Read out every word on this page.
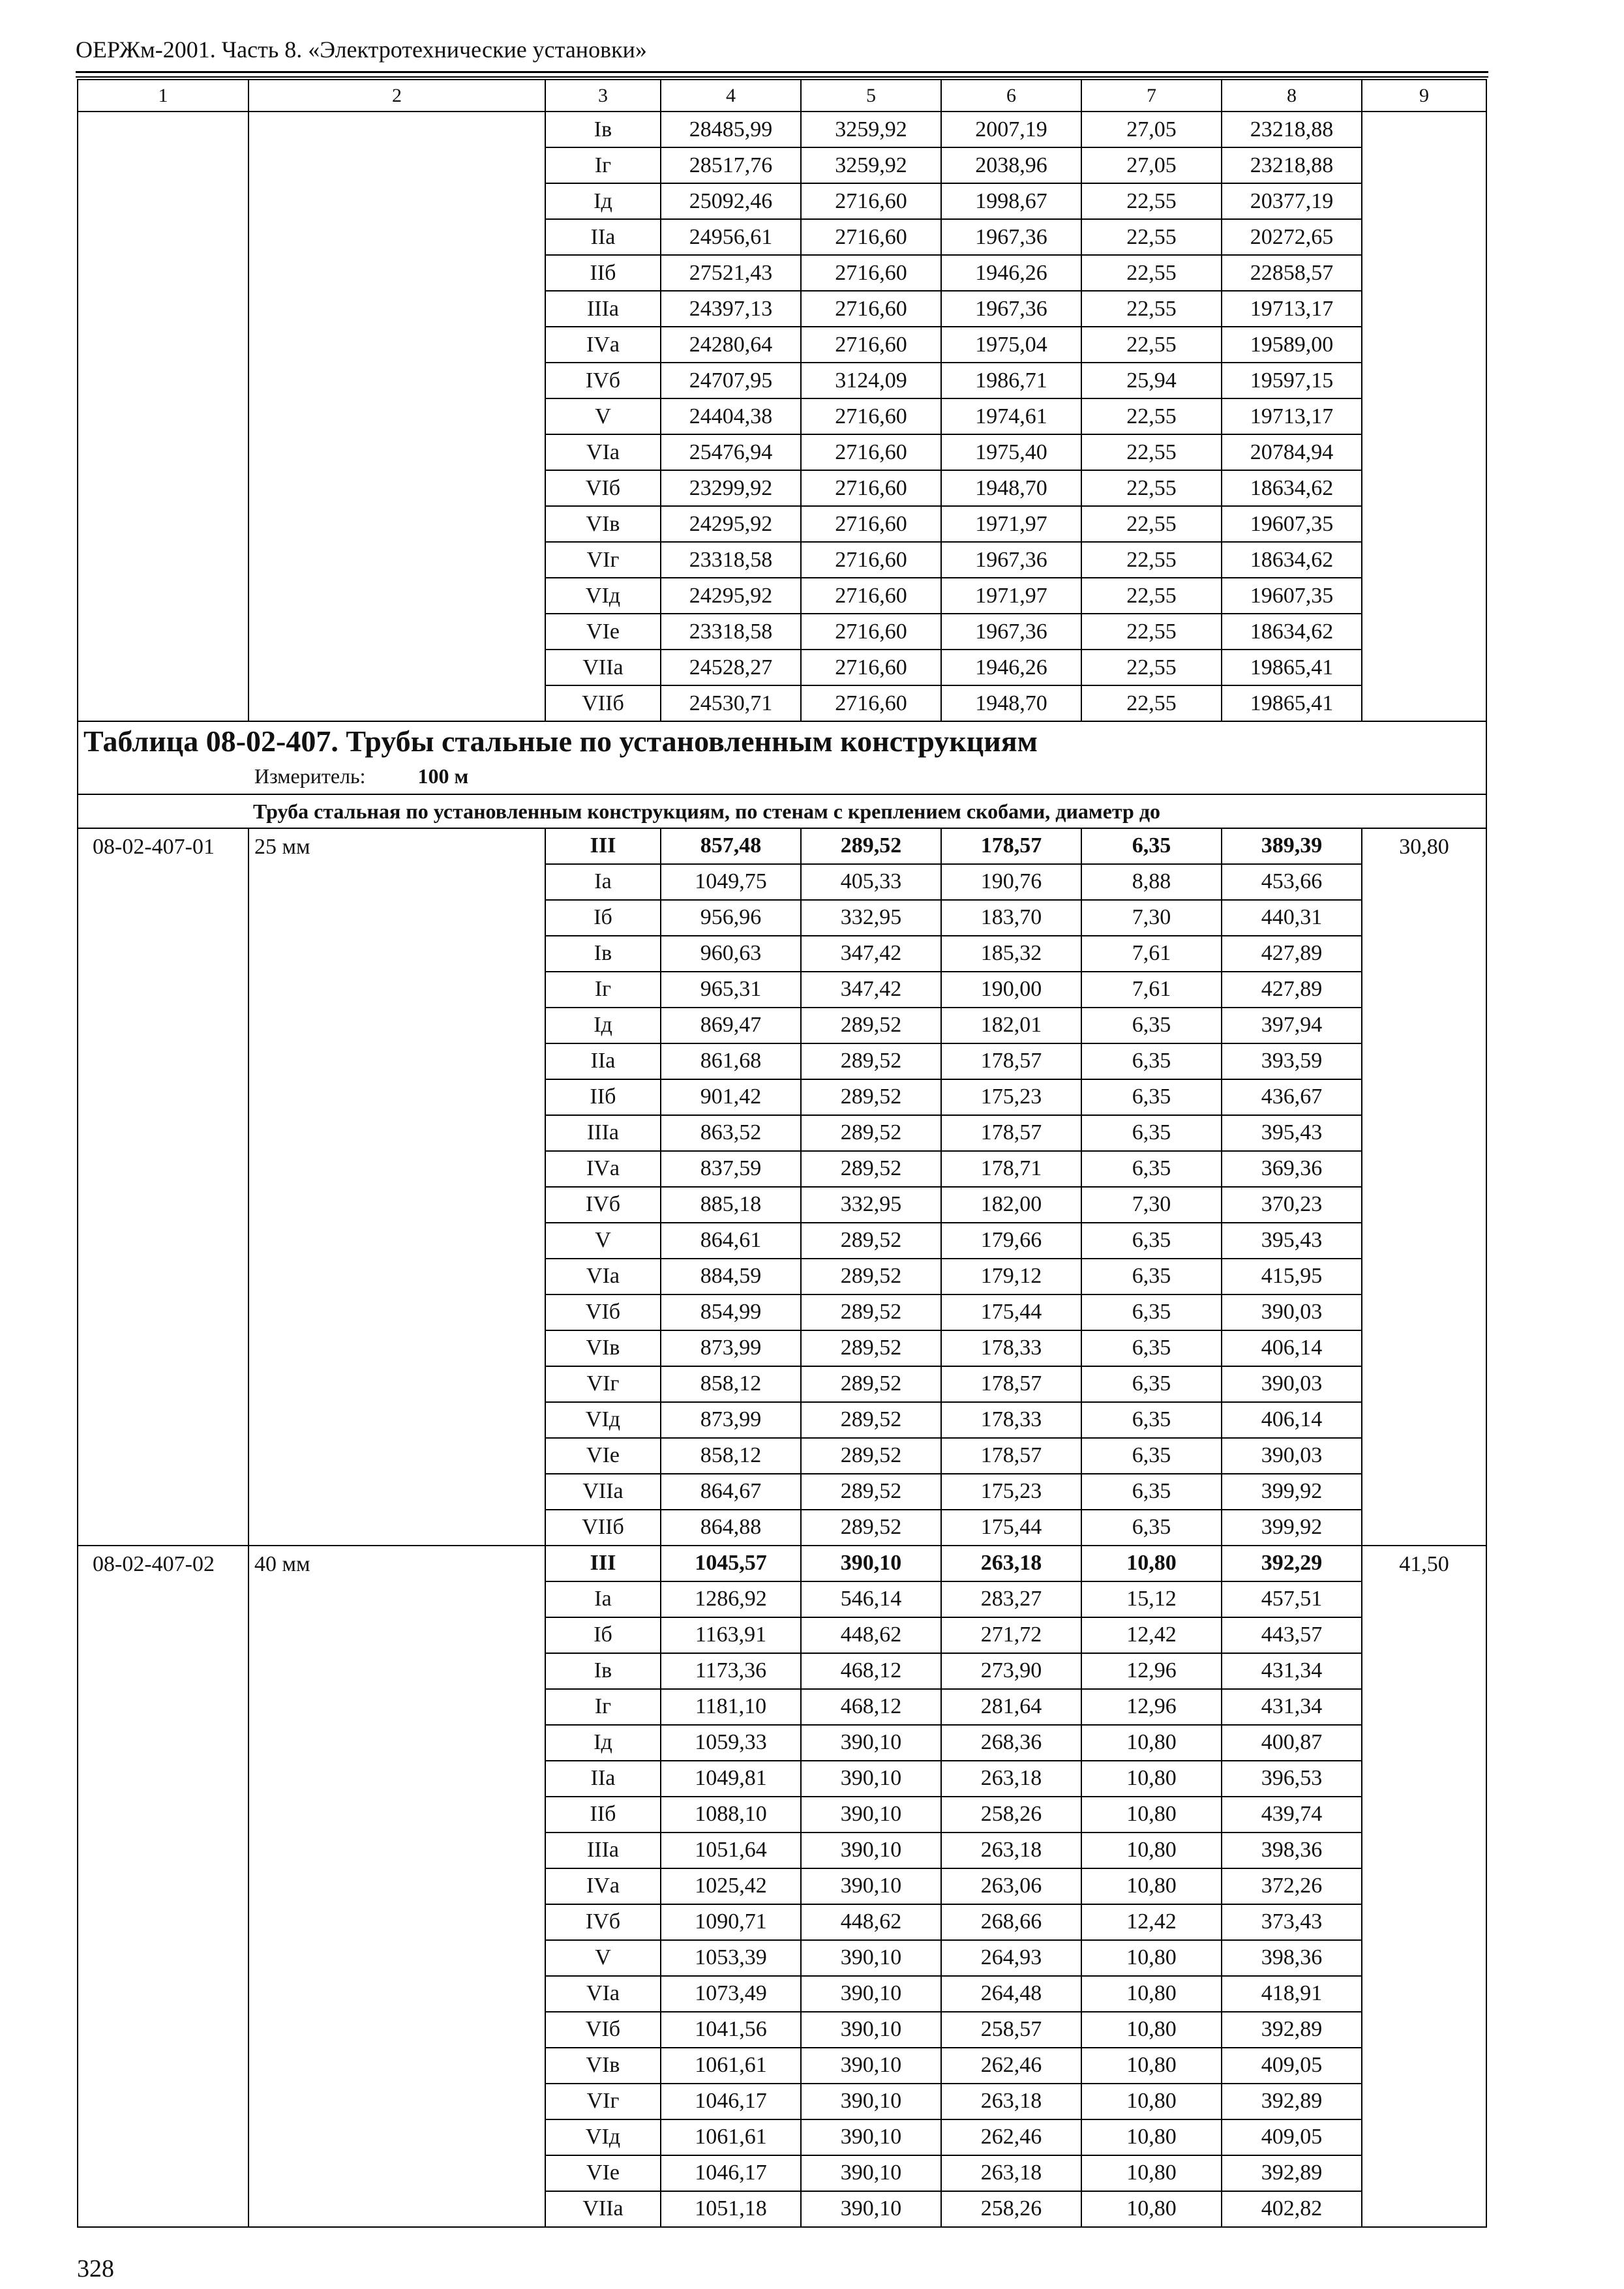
ОЕРЖм-2001. Часть 8. «Электротехнические установки»
1	2	3	4	5	6	7	8	9
		Iв	28485,99	3259,92	2007,19	27,05	23218,88	
		Iг	28517,76	3259,92	2038,96	27,05	23218,88	
		Iд	25092,46	2716,60	1998,67	22,55	20377,19	
		IIа	24956,61	2716,60	1967,36	22,55	20272,65	
		IIб	27521,43	2716,60	1946,26	22,55	22858,57	
		IIIа	24397,13	2716,60	1967,36	22,55	19713,17	
		IVа	24280,64	2716,60	1975,04	22,55	19589,00	
		IVб	24707,95	3124,09	1986,71	25,94	19597,15	
		V	24404,38	2716,60	1974,61	22,55	19713,17	
		VIа	25476,94	2716,60	1975,40	22,55	20784,94	
		VIб	23299,92	2716,60	1948,70	22,55	18634,62	
		VIв	24295,92	2716,60	1971,97	22,55	19607,35	
		VIг	23318,58	2716,60	1967,36	22,55	18634,62	
		VIд	24295,92	2716,60	1971,97	22,55	19607,35	
		VIе	23318,58	2716,60	1967,36	22,55	18634,62	
		VIIа	24528,27	2716,60	1946,26	22,55	19865,41	
		VIIб	24530,71	2716,60	1948,70	22,55	19865,41	

Таблица 08-02-407. Трубы стальные по установленным конструкциям
Измеритель: 100 м								

Труба стальная по установленным конструкциям, по стенам с креплением скобами, диаметр до								
08-02-407-01	25 мм	III	857,48	289,52	178,57	6,35	389,39	30,80
		Iа	1049,75	405,33	190,76	8,88	453,66	
		Iб	956,96	332,95	183,70	7,30	440,31	
		Iв	960,63	347,42	185,32	7,61	427,89	
		Iг	965,31	347,42	190,00	7,61	427,89	
		Iд	869,47	289,52	182,01	6,35	397,94	
		IIа	861,68	289,52	178,57	6,35	393,59	
		IIб	901,42	289,52	175,23	6,35	436,67	
		IIIа	863,52	289,52	178,57	6,35	395,43	
		IVа	837,59	289,52	178,71	6,35	369,36	
		IVб	885,18	332,95	182,00	7,30	370,23	
		V	864,61	289,52	179,66	6,35	395,43	
		VIа	884,59	289,52	179,12	6,35	415,95	
		VIб	854,99	289,52	175,44	6,35	390,03	
		VIв	873,99	289,52	178,33	6,35	406,14	
		VIг	858,12	289,52	178,57	6,35	390,03	
		VIд	873,99	289,52	178,33	6,35	406,14	
		VIе	858,12	289,52	178,57	6,35	390,03	
		VIIа	864,67	289,52	175,23	6,35	399,92	
		VIIб	864,88	289,52	175,44	6,35	399,92	
08-02-407-02	40 мм	III	1045,57	390,10	263,18	10,80	392,29	41,50
		Iа	1286,92	546,14	283,27	15,12	457,51	
		Iб	1163,91	448,62	271,72	12,42	443,57	
		Iв	1173,36	468,12	273,90	12,96	431,34	
		Iг	1181,10	468,12	281,64	12,96	431,34	
		Iд	1059,33	390,10	268,36	10,80	400,87	
		IIа	1049,81	390,10	263,18	10,80	396,53	
		IIб	1088,10	390,10	258,26	10,80	439,74	
		IIIа	1051,64	390,10	263,18	10,80	398,36	
		IVа	1025,42	390,10	263,06	10,80	372,26	
		IVб	1090,71	448,62	268,66	12,42	373,43	
		V	1053,39	390,10	264,93	10,80	398,36	
		VIа	1073,49	390,10	264,48	10,80	418,91	
		VIб	1041,56	390,10	258,57	10,80	392,89	
		VIв	1061,61	390,10	262,46	10,80	409,05	
		VIг	1046,17	390,10	263,18	10,80	392,89	
		VIд	1061,61	390,10	262,46	10,80	409,05	
		VIе	1046,17	390,10	263,18	10,80	392,89	
		VIIа	1051,18	390,10	258,26	10,80	402,82	
328
